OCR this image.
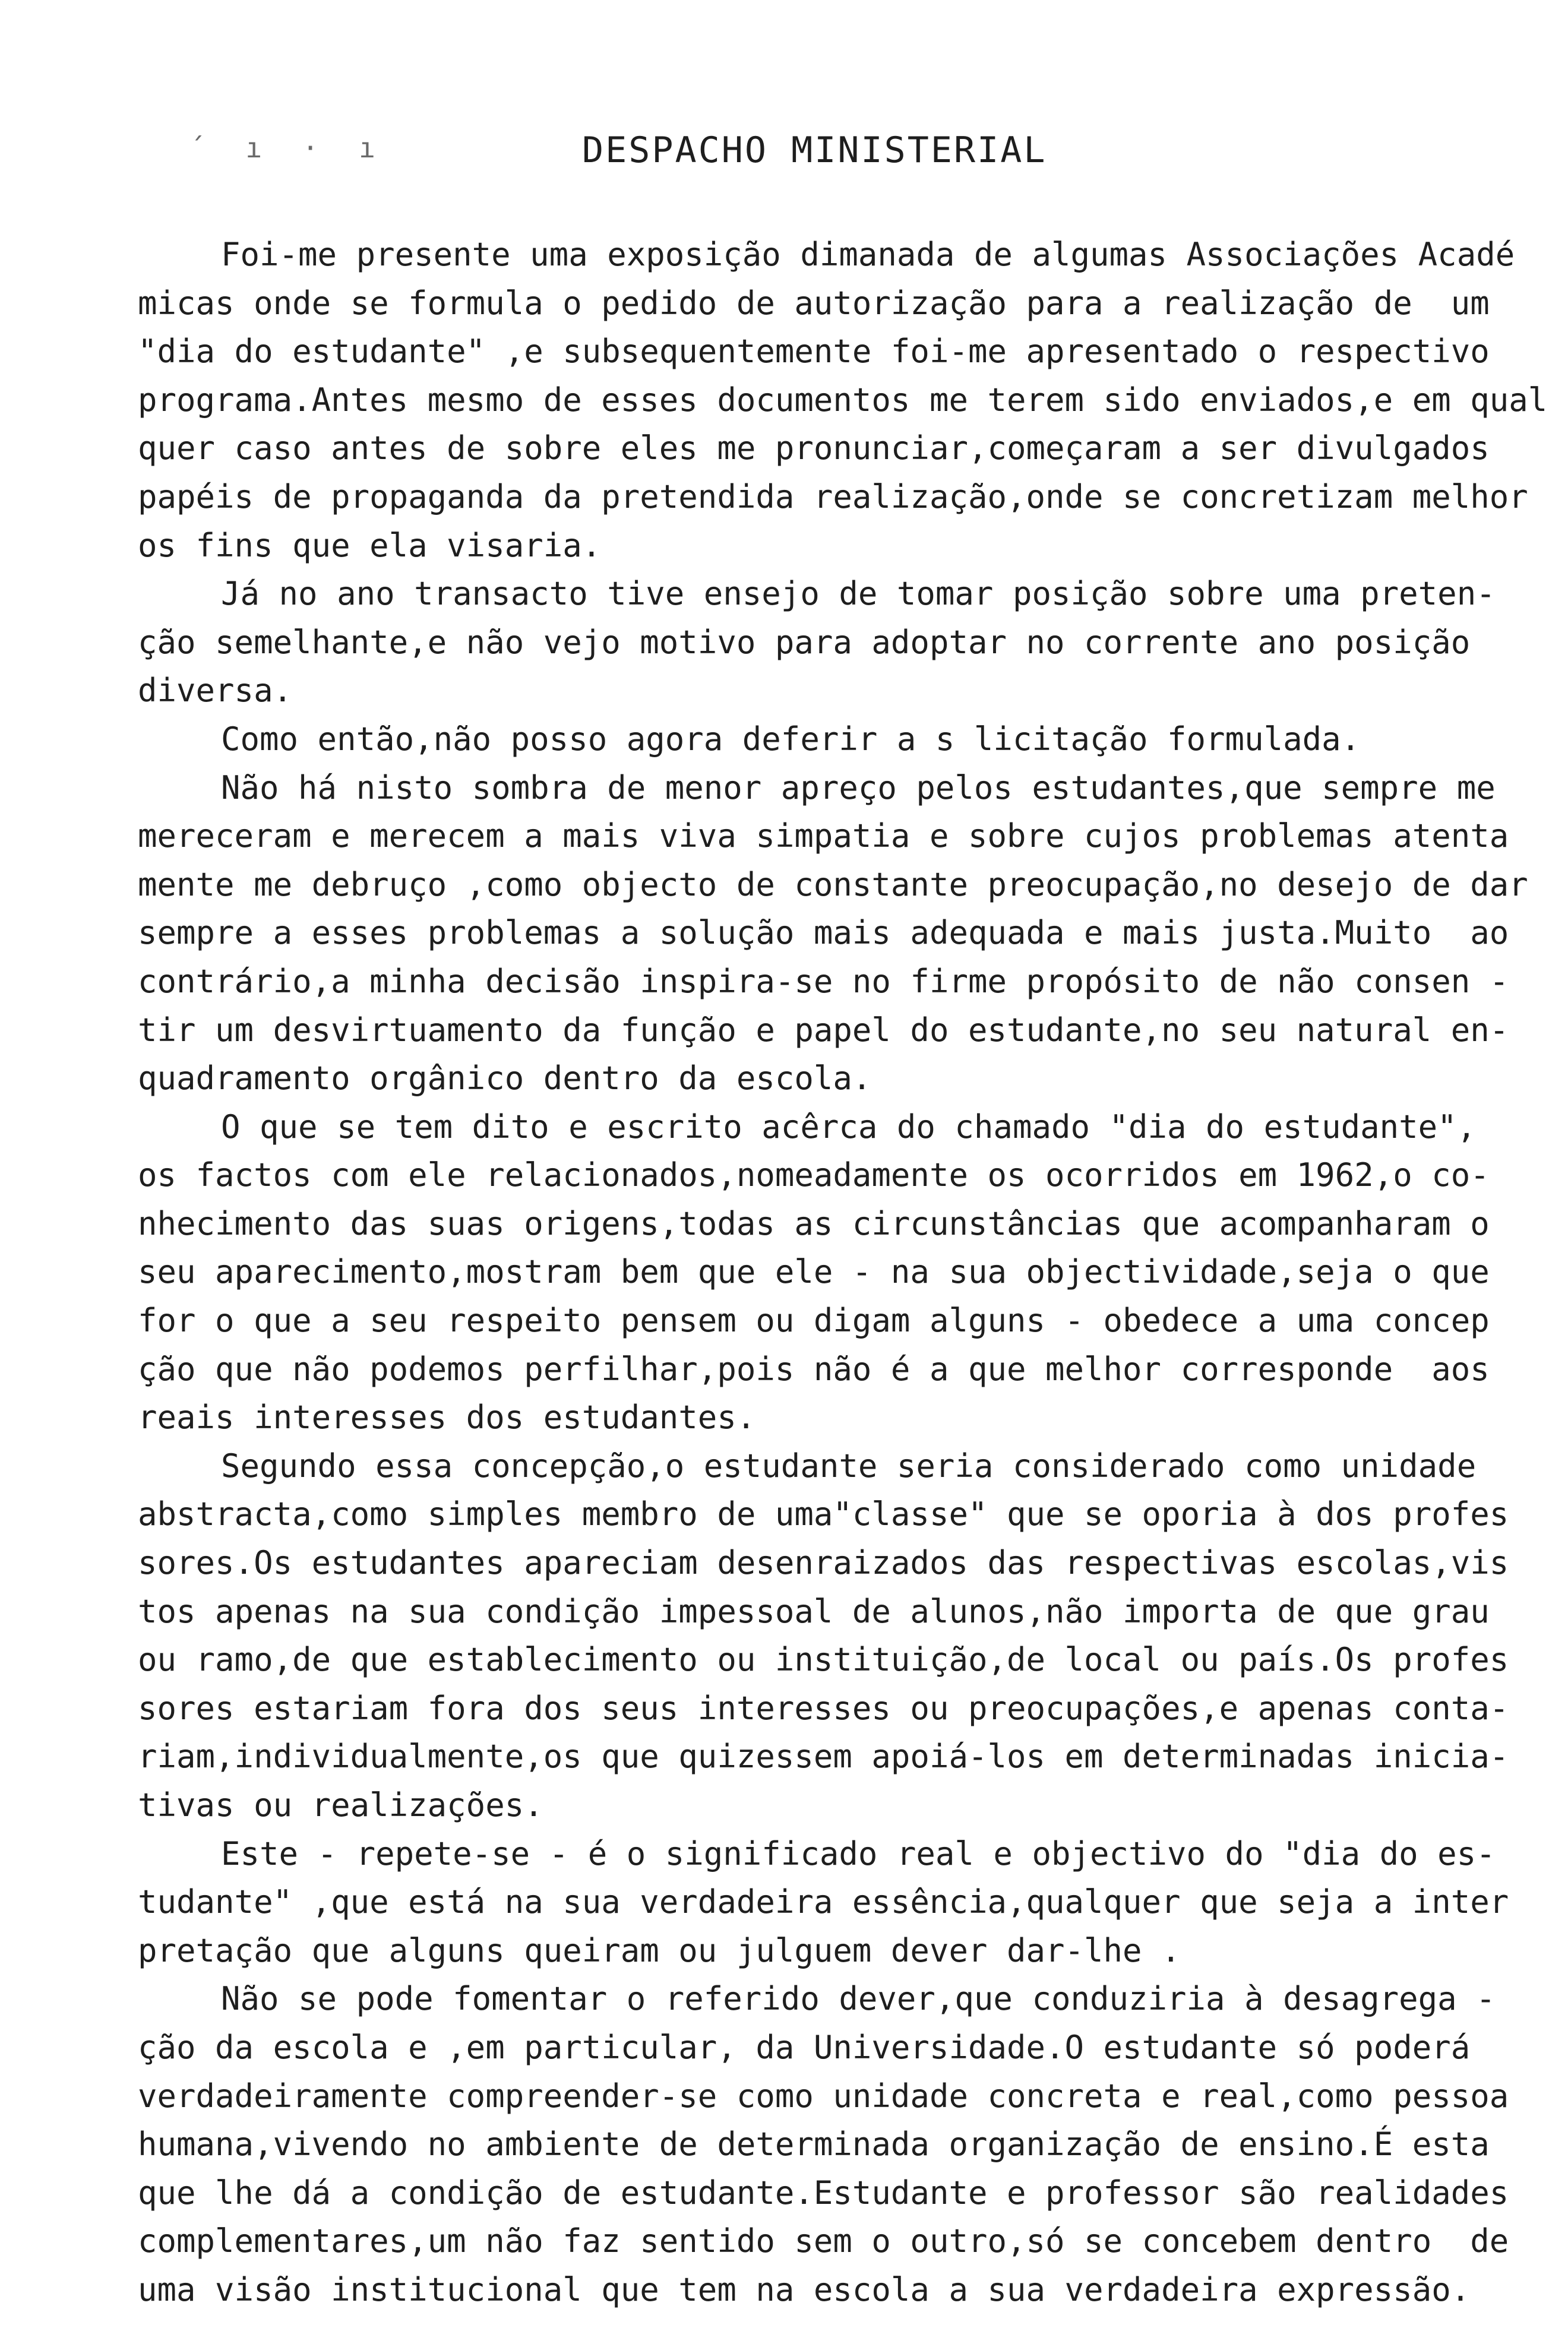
´ ı · ı	DESPACHO MINISTERIAL
Foi-me presente uma exposição dimanada de algumas Associações Acadé
micas onde se formula o pedido de autorização para a realização de  um
"dia do estudante" ,e subsequentemente foi-me apresentado o respectivo
programa.Antes mesmo de esses documentos me terem sido enviados,e em qual
quer caso antes de sobre eles me pronunciar,começaram a ser divulgados
papéis de propaganda da pretendida realização,onde se concretizam melhor
os fins que ela visaria.
Já no ano transacto tive ensejo de tomar posição sobre uma preten-
ção semelhante,e não vejo motivo para adoptar no corrente ano posição
diversa.
Como então,não posso agora deferir a s licitação formulada.
Não há nisto sombra de menor apreço pelos estudantes,que sempre me
mereceram e merecem a mais viva simpatia e sobre cujos problemas atenta
mente me debruço ,como objecto de constante preocupação,no desejo de dar
sempre a esses problemas a solução mais adequada e mais justa.Muito  ao
contrário,a minha decisão inspira-se no firme propósito de não consen -
tir um desvirtuamento da função e papel do estudante,no seu natural en-
quadramento orgânico dentro da escola.
O que se tem dito e escrito acêrca do chamado "dia do estudante",
os factos com ele relacionados,nomeadamente os ocorridos em 1962,o co-
nhecimento das suas origens,todas as circunstâncias que acompanharam o
seu aparecimento,mostram bem que ele - na sua objectividade,seja o que
for o que a seu respeito pensem ou digam alguns - obedece a uma concep
ção que não podemos perfilhar,pois não é a que melhor corresponde  aos
reais interesses dos estudantes.
Segundo essa concepção,o estudante seria considerado como unidade
abstracta,como simples membro de uma"classe" que se oporia à dos profes
sores.Os estudantes apareciam desenraizados das respectivas escolas,vis
tos apenas na sua condição impessoal de alunos,não importa de que grau
ou ramo,de que establecimento ou instituição,de local ou país.Os profes
sores estariam fora dos seus interesses ou preocupações,e apenas conta-
riam,individualmente,os que quizessem apoiá-los em determinadas inicia-
tivas ou realizações.
Este - repete-se - é o significado real e objectivo do "dia do es-
tudante" ,que está na sua verdadeira essência,qualquer que seja a inter
pretação que alguns queiram ou julguem dever dar-lhe .
Não se pode fomentar o referido dever,que conduziria à desagrega -
ção da escola e ,em particular, da Universidade.O estudante só poderá
verdadeiramente compreender-se como unidade concreta e real,como pessoa
humana,vivendo no ambiente de determinada organização de ensino.É esta
que lhe dá a condição de estudante.Estudante e professor são realidades
complementares,um não faz sentido sem o outro,só se concebem dentro  de
uma visão institucional que tem na escola a sua verdadeira expressão.
